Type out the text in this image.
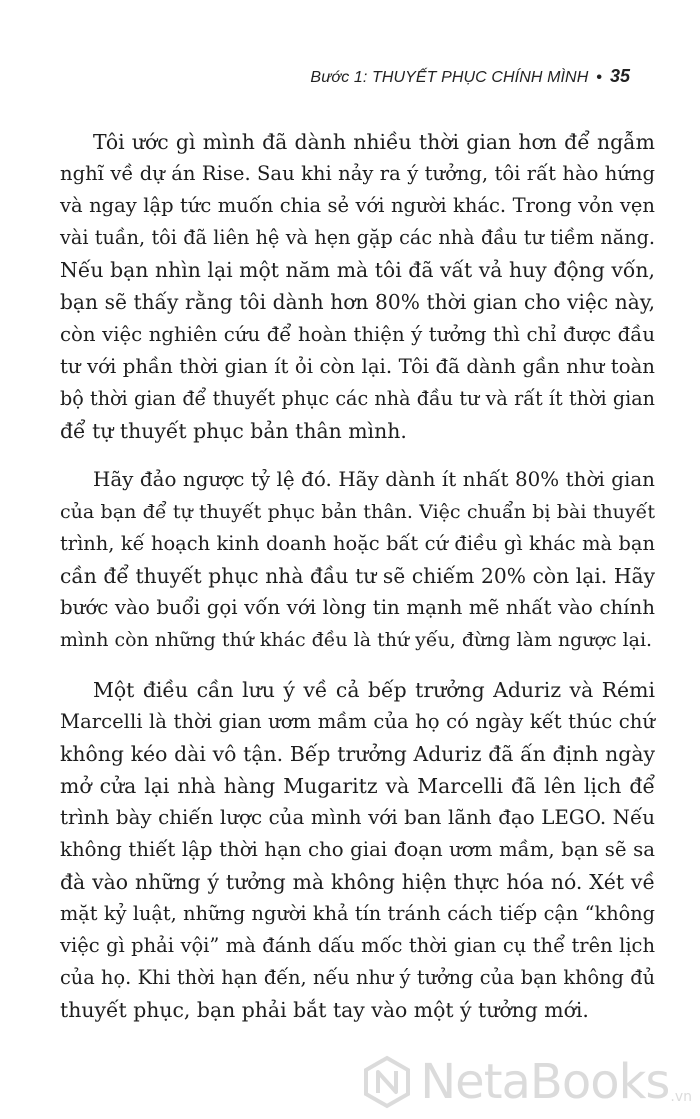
Bước 1: THUYẾT PHỤC CHÍNH MÌNH • 35
Tôi ước gì mình đã dành nhiều thời gian hơn để ngẫm
nghĩ về dự án Rise. Sau khi nảy ra ý tưởng, tôi rất hào hứng
và ngay lập tức muốn chia sẻ với người khác. Trong vỏn vẹn
vài tuần, tôi đã liên hệ và hẹn gặp các nhà đầu tư tiềm năng.
Nếu bạn nhìn lại một năm mà tôi đã vất vả huy động vốn,
bạn sẽ thấy rằng tôi dành hơn 80% thời gian cho việc này,
còn việc nghiên cứu để hoàn thiện ý tưởng thì chỉ được đầu
tư với phần thời gian ít ỏi còn lại. Tôi đã dành gần như toàn
bộ thời gian để thuyết phục các nhà đầu tư và rất ít thời gian
để tự thuyết phục bản thân mình.
Hãy đảo ngược tỷ lệ đó. Hãy dành ít nhất 80% thời gian
của bạn để tự thuyết phục bản thân. Việc chuẩn bị bài thuyết
trình, kế hoạch kinh doanh hoặc bất cứ điều gì khác mà bạn
cần để thuyết phục nhà đầu tư sẽ chiếm 20% còn lại. Hãy
bước vào buổi gọi vốn với lòng tin mạnh mẽ nhất vào chính
mình còn những thứ khác đều là thứ yếu, đừng làm ngược lại.
Một điều cần lưu ý về cả bếp trưởng Aduriz và Rémi
Marcelli là thời gian ươm mầm của họ có ngày kết thúc chứ
không kéo dài vô tận. Bếp trưởng Aduriz đã ấn định ngày
mở cửa lại nhà hàng Mugaritz và Marcelli đã lên lịch để
trình bày chiến lược của mình với ban lãnh đạo LEGO. Nếu
không thiết lập thời hạn cho giai đoạn ươm mầm, bạn sẽ sa
đà vào những ý tưởng mà không hiện thực hóa nó. Xét về
mặt kỷ luật, những người khả tín tránh cách tiếp cận “không
việc gì phải vội” mà đánh dấu mốc thời gian cụ thể trên lịch
của họ. Khi thời hạn đến, nếu như ý tưởng của bạn không đủ
thuyết phục, bạn phải bắt tay vào một ý tưởng mới.
NetaBooks .vn
